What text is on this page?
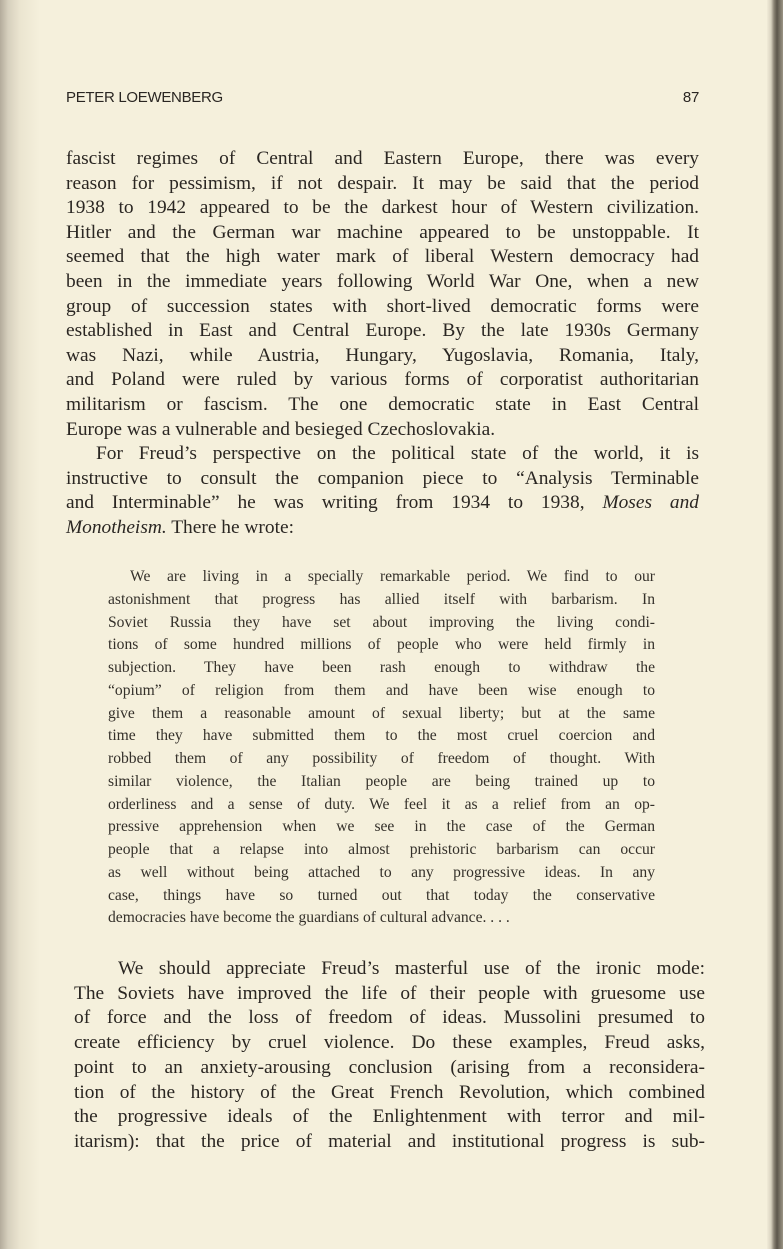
PETER LOEWENBERG	87
fascist regimes of Central and Eastern Europe, there was every
reason for pessimism, if not despair. It may be said that the period
1938 to 1942 appeared to be the darkest hour of Western civilization.
Hitler and the German war machine appeared to be unstoppable. It
seemed that the high water mark of liberal Western democracy had
been in the immediate years following World War One, when a new
group of succession states with short-lived democratic forms were
established in East and Central Europe. By the late 1930s Germany
was Nazi, while Austria, Hungary, Yugoslavia, Romania, Italy,
and Poland were ruled by various forms of corporatist authoritarian
militarism or fascism. The one democratic state in East Central
Europe was a vulnerable and besieged Czechoslovakia.
For Freud’s perspective on the political state of the world, it is
instructive to consult the companion piece to “Analysis Terminable
and Interminable” he was writing from 1934 to 1938, Moses and
Monotheism. There he wrote:
We are living in a specially remarkable period. We find to our
astonishment that progress has allied itself with barbarism. In
Soviet Russia they have set about improving the living condi-
tions of some hundred millions of people who were held firmly in
subjection. They have been rash enough to withdraw the
“opium” of religion from them and have been wise enough to
give them a reasonable amount of sexual liberty; but at the same
time they have submitted them to the most cruel coercion and
robbed them of any possibility of freedom of thought. With
similar violence, the Italian people are being trained up to
orderliness and a sense of duty. We feel it as a relief from an op-
pressive apprehension when we see in the case of the German
people that a relapse into almost prehistoric barbarism can occur
as well without being attached to any progressive ideas. In any
case, things have so turned out that today the conservative
democracies have become the guardians of cultural advance. . . .
We should appreciate Freud’s masterful use of the ironic mode:
The Soviets have improved the life of their people with gruesome use
of force and the loss of freedom of ideas. Mussolini presumed to
create efficiency by cruel violence. Do these examples, Freud asks,
point to an anxiety-arousing conclusion (arising from a reconsidera-
tion of the history of the Great French Revolution, which combined
the progressive ideals of the Enlightenment with terror and mil-
itarism): that the price of material and institutional progress is sub-
